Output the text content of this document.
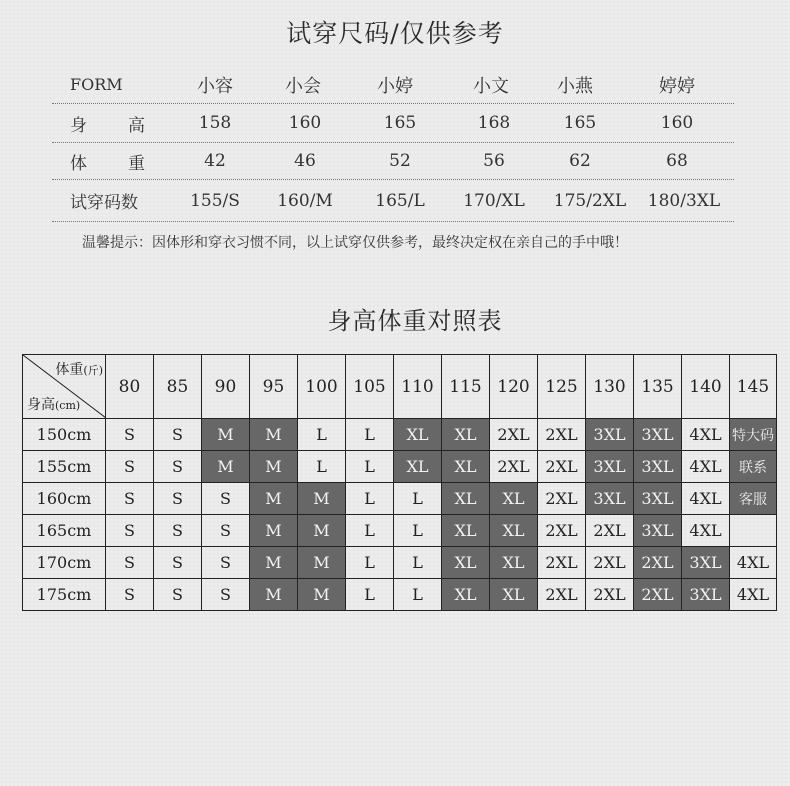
试穿尺码/仅供参考
FORM	小容	小会	小婷	小文	小燕	婷婷
身 高	158	160	165	168	165	160
体 重	42	46	52	56	62	68
试穿码数	155/S	160/M	165/L	170/XL	175/2XL	180/3XL
温馨提示：因体形和穿衣习惯不同，以上试穿仅供参考，最终决定权在亲自己的手中哦！
身高体重对照表
体重(斤)
身高(cm)	80	85	90	95	100	105	110	115	120	125	130	135	140	145
150cm	S	S	M	M	L	L	XL	XL	2XL	2XL	3XL	3XL	4XL	特大码
155cm	S	S	M	M	L	L	XL	XL	2XL	2XL	3XL	3XL	4XL	联系
160cm	S	S	S	M	M	L	L	XL	XL	2XL	3XL	3XL	4XL	客服
165cm	S	S	S	M	M	L	L	XL	XL	2XL	2XL	3XL	4XL	
170cm	S	S	S	M	M	L	L	XL	XL	2XL	2XL	2XL	3XL	4XL
175cm	S	S	S	M	M	L	L	XL	XL	2XL	2XL	2XL	3XL	4XL
